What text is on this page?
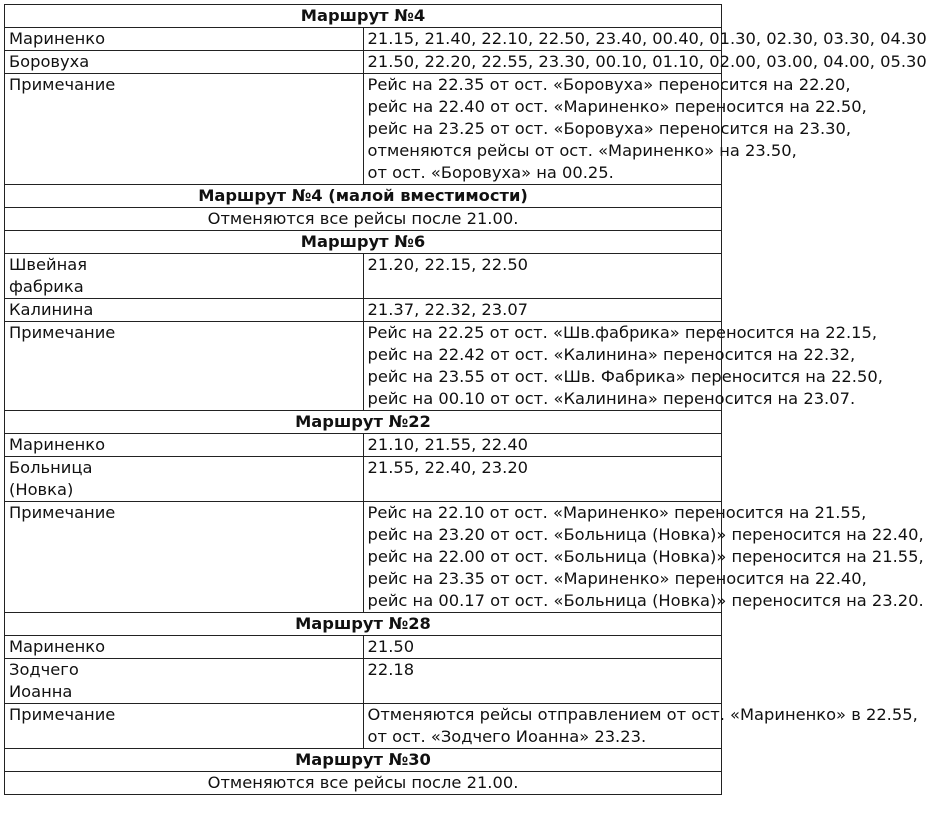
Маршрут №4	
Мариненко	21.15, 21.40, 22.10, 22.50, 23.40, 00.40, 01.30, 02.30, 03.30, 04.30
Боровуха	21.50, 22.20, 22.55, 23.30, 00.10, 01.10, 02.00, 03.00, 04.00, 05.30
Примечание	Рейс на 22.35 от ост. «Боровуха» переносится на 22.20,
рейс на 22.40 от ост. «Мариненко» переносится на 22.50,
рейс на 23.25 от ост. «Боровуха» переносится на 23.30,
отменяются рейсы от ост. «Мариненко» на 23.50,
от ост. «Боровуха» на 00.25.

Маршрут №4 (малой вместимости)	
Отменяются все рейсы после 21.00.	
Маршрут №6	

Швейная
фабрика	21.20, 22.15, 22.50
Калинина	21.37, 22.32, 23.07
Примечание	Рейс на 22.25 от ост. «Шв.фабрика» переносится на 22.15,
рейс на 22.42 от ост. «Калинина» переносится на 22.32,
рейс на 23.55 от ост. «Шв. Фабрика» переносится на 22.50,
рейс на 00.10 от ост. «Калинина» переносится на 23.07.

Маршрут №22	
Мариненко	21.10, 21.55, 22.40

Больница
(Новка)	21.55, 22.40, 23.20
Примечание	Рейс на 22.10 от ост. «Мариненко» переносится на 21.55,
рейс на 23.20 от ост. «Больница (Новка)» переносится на 22.40,
рейс на 22.00 от ост. «Больница (Новка)» переносится на 21.55,
рейс на 23.35 от ост. «Мариненко» переносится на 22.40,
рейс на 00.17 от ост. «Больница (Новка)» переносится на 23.20.

Маршрут №28	
Мариненко	21.50

Зодчего
Иоанна	22.18
Примечание	Отменяются рейсы отправлением от ост. «Мариненко» в 22.55,
от ост. «Зодчего Иоанна» 23.23.

Маршрут №30	
Отменяются все рейсы после 21.00.	
